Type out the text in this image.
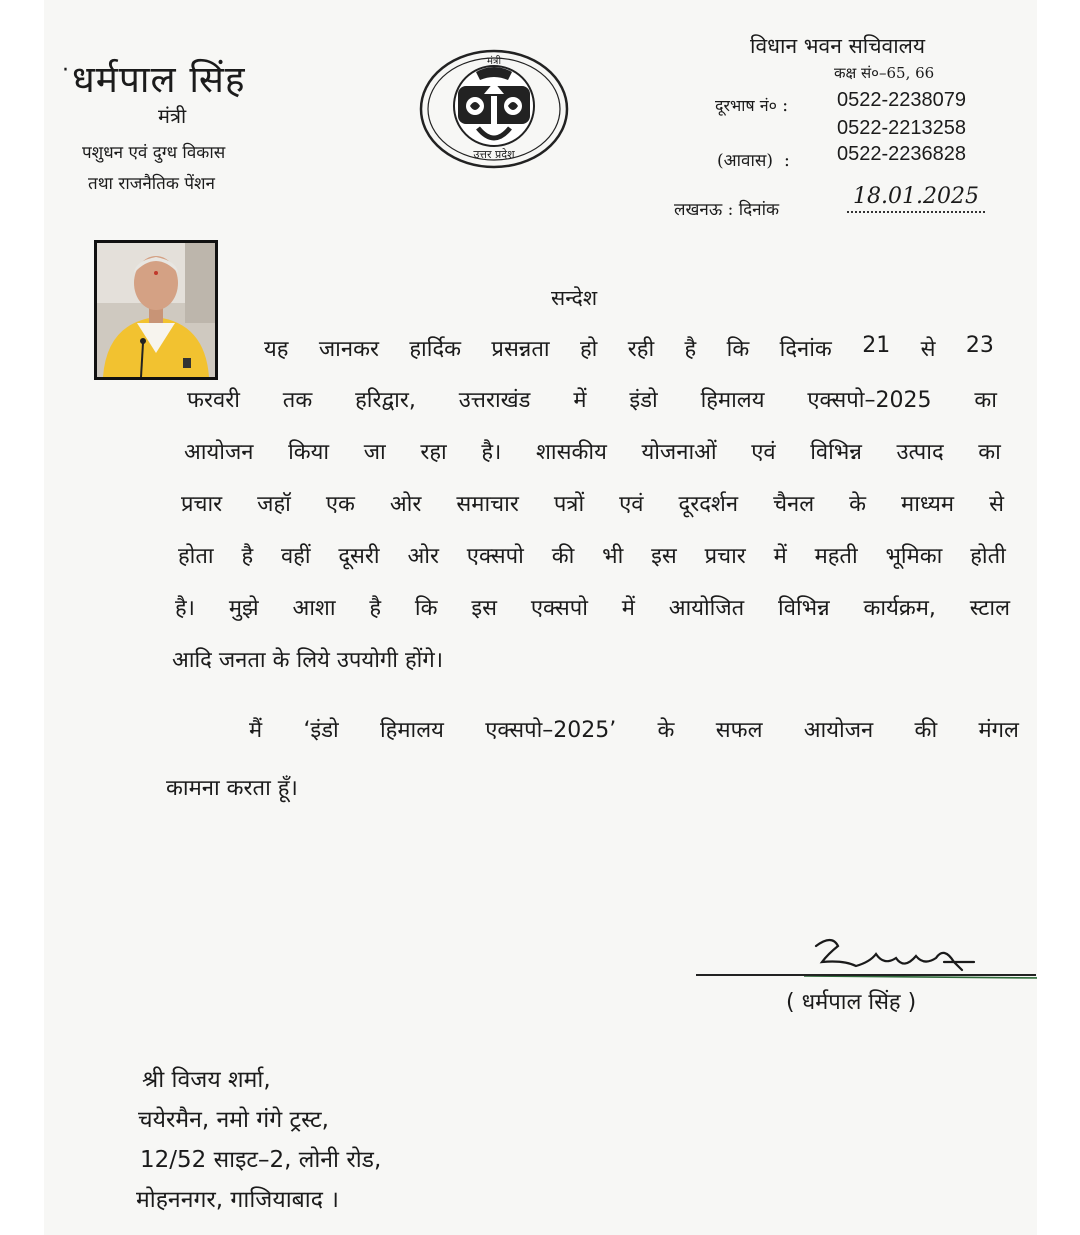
· धर्मपाल सिंह
मंत्री
पशुधन एवं दुग्ध विकास
तथा राजनैतिक पेंशन
मंत्री
उत्तर प्रदेश
विधान भवन सचिवालय
कक्ष सं०–65, 66
दूरभाष नं० : 0522-2238079
0522-2213258
(आवास) : 0522-2236828
लखनऊ : दिनांक
18.01.2025
सन्देश
यह जानकर हार्दिक प्रसन्नता हो रही है कि दिनांक 21 से 23
फरवरी तक हरिद्वार, उत्तराखंड में इंडो हिमालय एक्सपो–2025 का
आयोजन किया जा रहा है। शासकीय योजनाओं एवं विभिन्न उत्पाद का
प्रचार जहॉ एक ओर समाचार पत्रों एवं दूरदर्शन चैनल के माध्यम से
होता है वहीं दूसरी ओर एक्सपो की भी इस प्रचार में महती भूमिका होती
है। मुझे आशा है कि इस एक्सपो में आयोजित विभिन्न कार्यक्रम, स्टाल
आदि जनता के लिये उपयोगी होंगे।
मैं ‘इंडो हिमालय एक्सपो–2025’ के सफल आयोजन की मंगल
कामना करता हूँ।
( धर्मपाल सिंह )
श्री विजय शर्मा,
चयेरमैन, नमो गंगे ट्रस्ट,
12/52 साइट–2, लोनी रोड,
मोहननगर, गाजियाबाद ।
